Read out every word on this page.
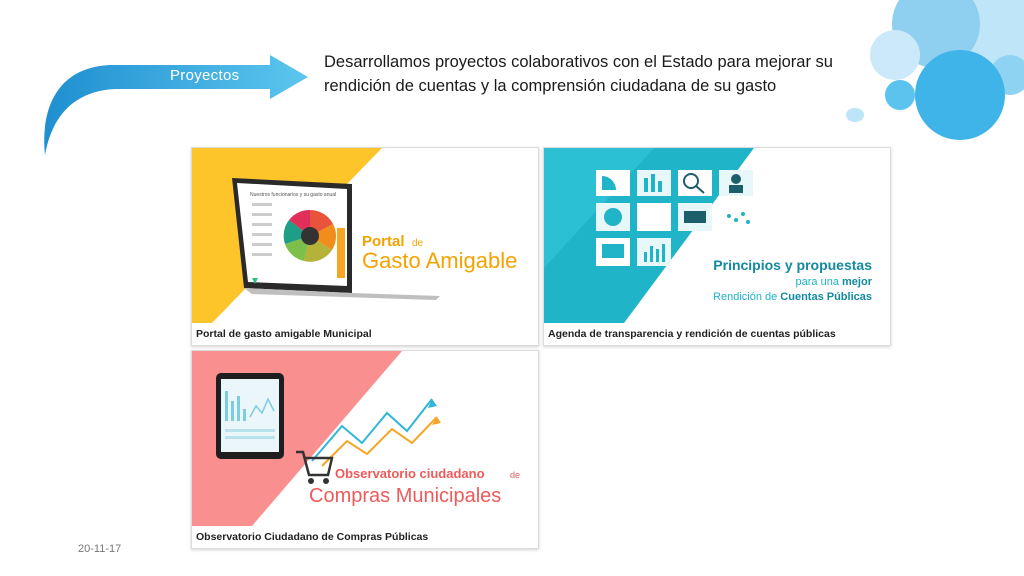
Proyectos
Desarrollamos proyectos colaborativos con el Estado para mejorar su rendición de cuentas y la comprensión ciudadana de su gasto
Nuestros funcionarios y su gasto anual
Portal de
Gasto Amigable
Portal de gasto amigable Municipal
Principios y propuestas
para una mejor
Rendición de Cuentas Públicas
Agenda de transparencia y rendición de cuentas públicas
Observatorio ciudadano	de
Compras Municipales
Observatorio Ciudadano de Compras Públicas
20-11-17
